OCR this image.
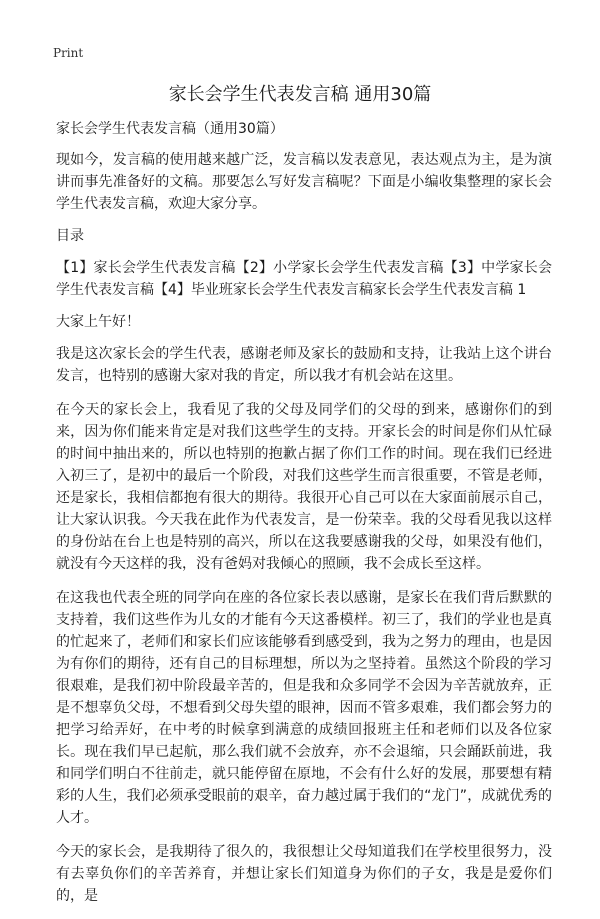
Print
家长会学生代表发言稿 通用30篇

家长会学生代表发言稿（通用30篇）

现如今，发言稿的使用越来越广泛，发言稿以发表意见，表达观点为主，是为演讲而事先准备好的文稿。那要怎么写好发言稿呢？下面是小编收集整理的家长会学生代表发言稿，欢迎大家分享。

目录

【1】家长会学生代表发言稿【2】小学家长会学生代表发言稿【3】中学家长会学生代表发言稿【4】毕业班家长会学生代表发言稿家长会学生代表发言稿 1

大家上午好！

我是这次家长会的学生代表，感谢老师及家长的鼓励和支持，让我站上这个讲台发言，也特别的感谢大家对我的肯定，所以我才有机会站在这里。

在今天的家长会上，我看见了我的父母及同学们的父母的到来，感谢你们的到来，因为你们能来肯定是对我们这些学生的支持。开家长会的时间是你们从忙碌的时间中抽出来的，所以也特别的抱歉占据了你们工作的时间。现在我们已经进入初三了，是初中的最后一个阶段，对我们这些学生而言很重要，不管是老师，还是家长，我相信都抱有很大的期待。我很开心自己可以在大家面前展示自己，让大家认识我。今天我在此作为代表发言，是一份荣幸。我的父母看见我以这样的身份站在台上也是特别的高兴，所以在这我要感谢我的父母，如果没有他们，就没有今天这样的我，没有爸妈对我倾心的照顾，我不会成长至这样。

在这我也代表全班的同学向在座的各位家长表以感谢，是家长在我们背后默默的支持着，我们这些作为儿女的才能有今天这番模样。初三了，我们的学业也是真的忙起来了，老师们和家长们应该能够看到感受到，我为之努力的理由，也是因为有你们的期待，还有自己的目标理想，所以为之坚持着。虽然这个阶段的学习很艰难，是我们初中阶段最辛苦的，但是我和众多同学不会因为辛苦就放弃，正是不想辜负父母，不想看到父母失望的眼神，因而不管多艰难，我们都会努力的把学习给弄好，在中考的时候拿到满意的成绩回报班主任和老师们以及各位家长。现在我们早已起航，那么我们就不会放弃，亦不会退缩，只会踊跃前进，我和同学们明白不往前走，就只能停留在原地，不会有什么好的发展，那要想有精彩的人生，我们必须承受眼前的艰辛，奋力越过属于我们的“龙门”，成就优秀的人才。

今天的家长会，是我期待了很久的，我很想让父母知道我们在学校里很努力，没有去辜负你们的辛苦养育，并想让家长们知道身为你们的子女，我是是爱你们的，是
